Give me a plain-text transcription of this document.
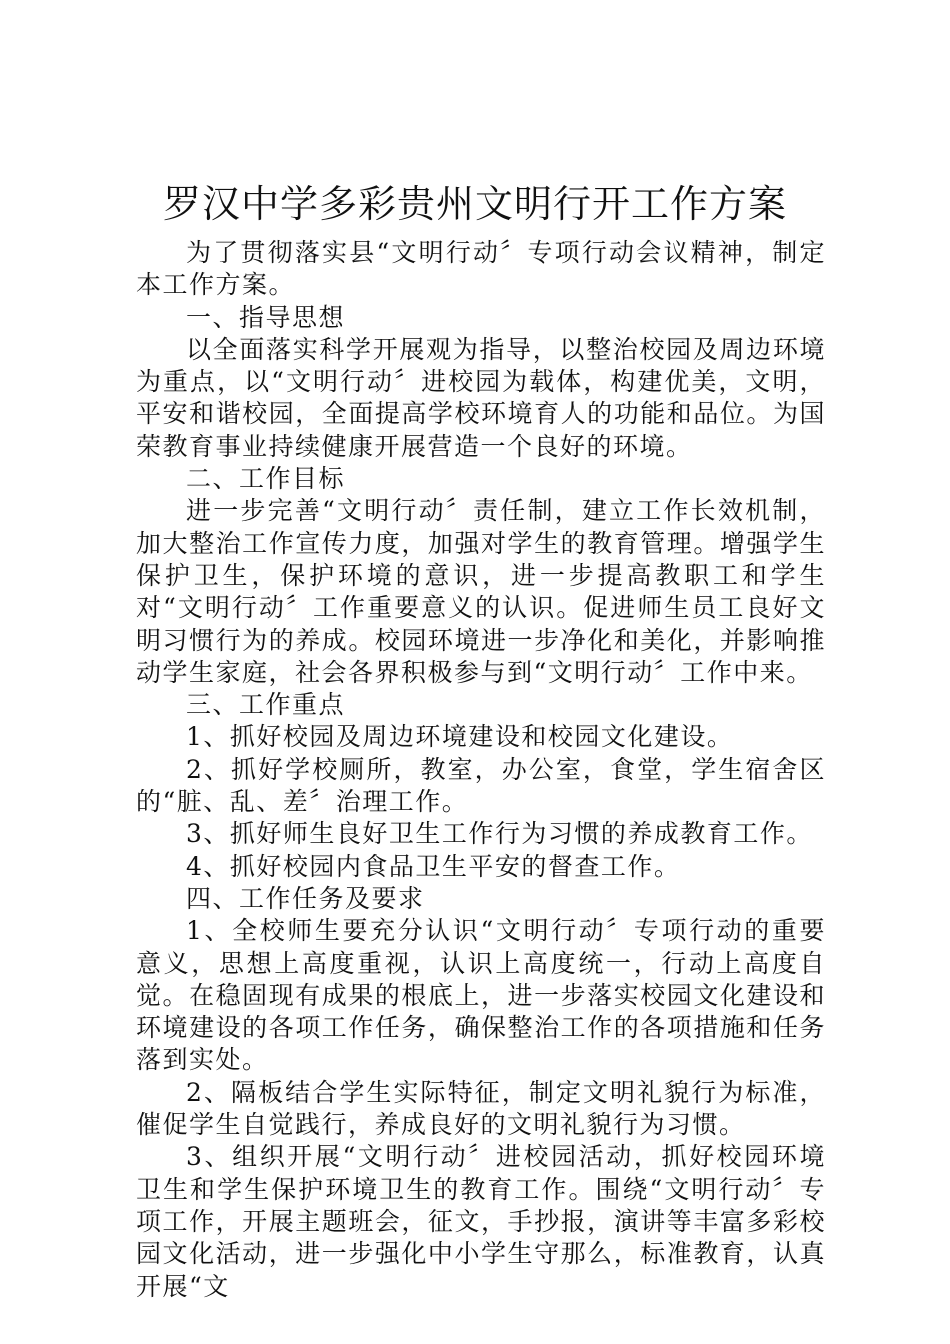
罗汉中学多彩贵州文明行开工作方案

为了贯彻落实县“文明行动〞专项行动会议精神，制定本工作方案。

一、指导思想

以全面落实科学开展观为指导，以整治校园及周边环境为重点，以“文明行动〞进校园为载体，构建优美，文明，平安和谐校园，全面提高学校环境育人的功能和品位。为国荣教育事业持续健康开展营造一个良好的环境。

二、工作目标

进一步完善“文明行动〞责任制，建立工作长效机制，加大整治工作宣传力度，加强对学生的教育管理。增强学生保护卫生，保护环境的意识，进一步提高教职工和学生对“文明行动〞工作重要意义的认识。促进师生员工良好文明习惯行为的养成。校园环境进一步净化和美化，并影响推动学生家庭，社会各界积极参与到“文明行动〞工作中来。

三、工作重点

1、抓好校园及周边环境建设和校园文化建设。

2、抓好学校厕所，教室，办公室，食堂，学生宿舍区的“脏、乱、差〞治理工作。

3、抓好师生良好卫生工作行为习惯的养成教育工作。

4、抓好校园内食品卫生平安的督查工作。

四、工作任务及要求

1、全校师生要充分认识“文明行动〞专项行动的重要意义，思想上高度重视，认识上高度统一，行动上高度自觉。在稳固现有成果的根底上，进一步落实校园文化建设和环境建设的各项工作任务，确保整治工作的各项措施和任务落到实处。

2、隔板结合学生实际特征，制定文明礼貌行为标准，催促学生自觉践行，养成良好的文明礼貌行为习惯。

3、组织开展“文明行动〞进校园活动，抓好校园环境卫生和学生保护环境卫生的教育工作。围绕“文明行动〞专项工作，开展主题班会，征文，手抄报，演讲等丰富多彩校园文化活动，进一步强化中小学生守那么，标准教育，认真开展“文
